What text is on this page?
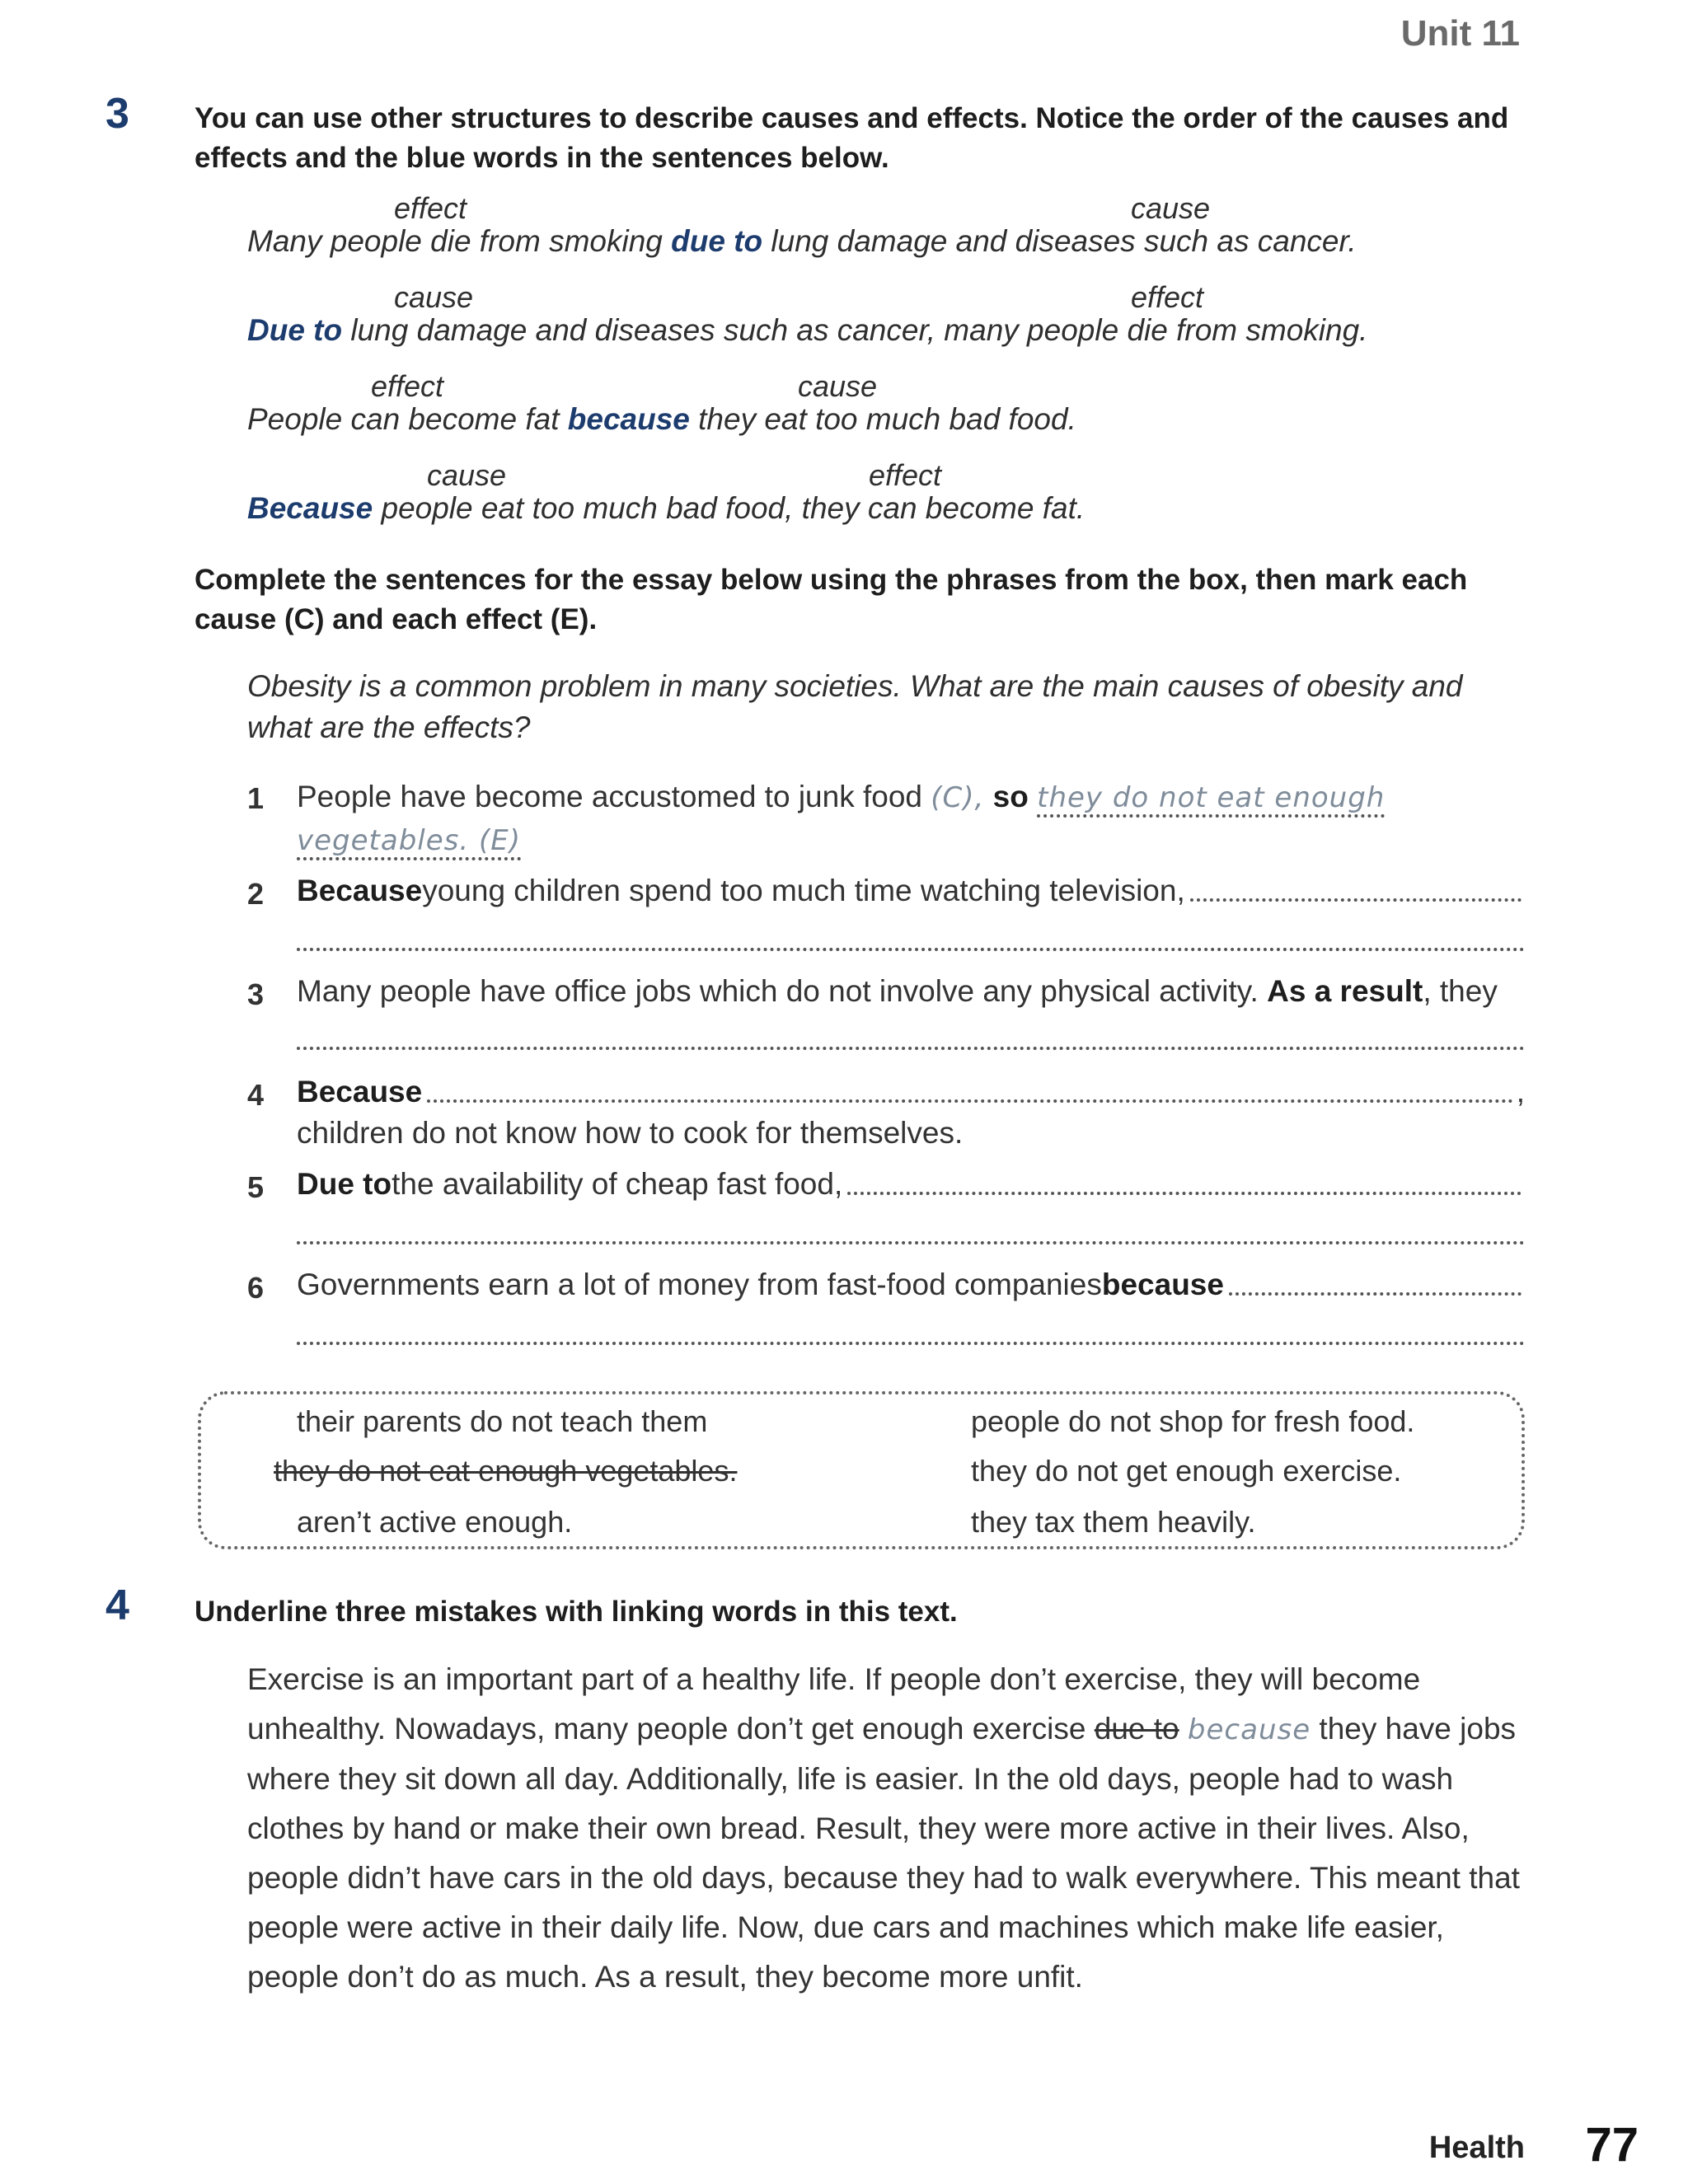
Unit 11
3 You can use other structures to describe causes and effects. Notice the order of the causes and effects and the blue words in the sentences below.
effect	cause
Many people die from smoking due to lung damage and diseases such as cancer.
cause	effect
Due to lung damage and diseases such as cancer, many people die from smoking.
effect	cause
People can become fat because they eat too much bad food.
cause	effect
Because people eat too much bad food, they can become fat.
Complete the sentences for the essay below using the phrases from the box, then mark each cause (C) and each effect (E).
Obesity is a common problem in many societies. What are the main causes of obesity and what are the effects?
1 People have become accustomed to junk food (C), so they do not eat enough
vegetables. (E)
2 Because young children spend too much time watching television,
3 Many people have office jobs which do not involve any physical activity. As a result, they
4 Because	,
children do not know how to cook for themselves.
5 Due to the availability of cheap fast food,
6 Governments earn a lot of money from fast-food companies because
their parents do not teach them
they do not eat enough vegetables.
aren’t active enough.
people do not shop for fresh food.
they do not get enough exercise.
they tax them heavily.
4 Underline three mistakes with linking words in this text.
Exercise is an important part of a healthy life. If people don’t exercise, they will become unhealthy. Nowadays, many people don’t get enough exercise due to because they have jobs where they sit down all day. Additionally, life is easier. In the old days, people had to wash clothes by hand or make their own bread. Result, they were more active in their lives. Also, people didn’t have cars in the old days, because they had to walk everywhere. This meant that people were active in their daily life. Now, due cars and machines which make life easier, people don’t do as much. As a result, they become more unfit.
Health 77
